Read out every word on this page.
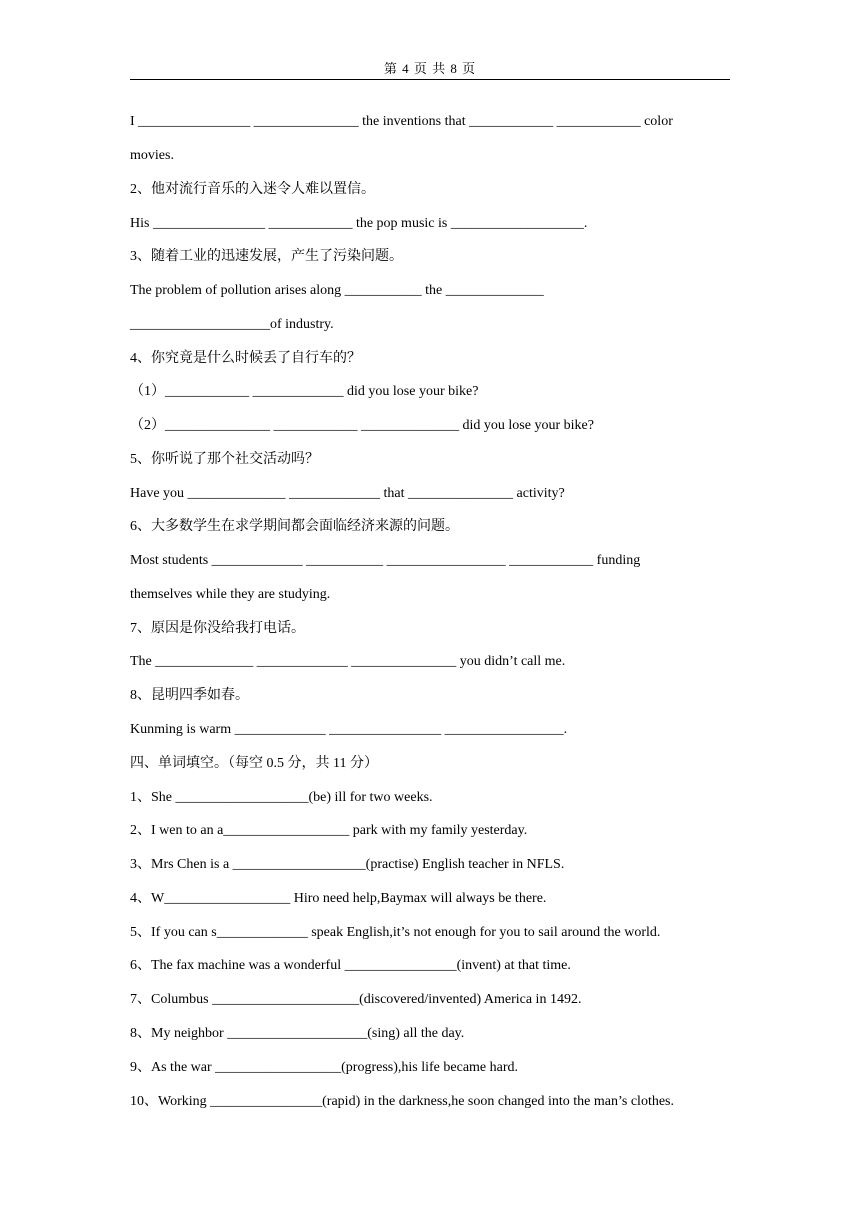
第 4 页 共 8 页
I ________________ _______________ the inventions that ____________ ____________ color
movies.
2、他对流行音乐的入迷令人难以置信。
His ________________ ____________ the pop music is ___________________.
3、随着工业的迅速发展，产生了污染问题。
The problem of pollution arises along ___________ the ______________
____________________of industry.
4、你究竟是什么时候丢了自行车的？
（1）____________ _____________ did you lose your bike?
（2）_______________ ____________ ______________ did you lose your bike?
5、你听说了那个社交活动吗？
Have you ______________ _____________ that _______________ activity?
6、大多数学生在求学期间都会面临经济来源的问题。
Most students _____________ ___________ _________________ ____________ funding
themselves while they are studying.
7、原因是你没给我打电话。
The ______________ _____________ _______________ you didn’t call me.
8、昆明四季如春。
Kunming is warm _____________ ________________ _________________.
四、单词填空。（每空 0.5 分，共 11 分）
1、She ___________________(be) ill for two weeks.
2、I wen to an a__________________ park with my family yesterday.
3、Mrs Chen is a ___________________(practise) English teacher in NFLS.
4、W__________________ Hiro need help,Baymax will always be there.
5、If you can s_____________ speak English,it’s not enough for you to sail around the world.
6、The fax machine was a wonderful ________________(invent) at that time.
7、Columbus _____________________(discovered/invented) America in 1492.
8、My neighbor ____________________(sing) all the day.
9、As the war __________________(progress),his life became hard.
10、Working ________________(rapid) in the darkness,he soon changed into the man’s clothes.
